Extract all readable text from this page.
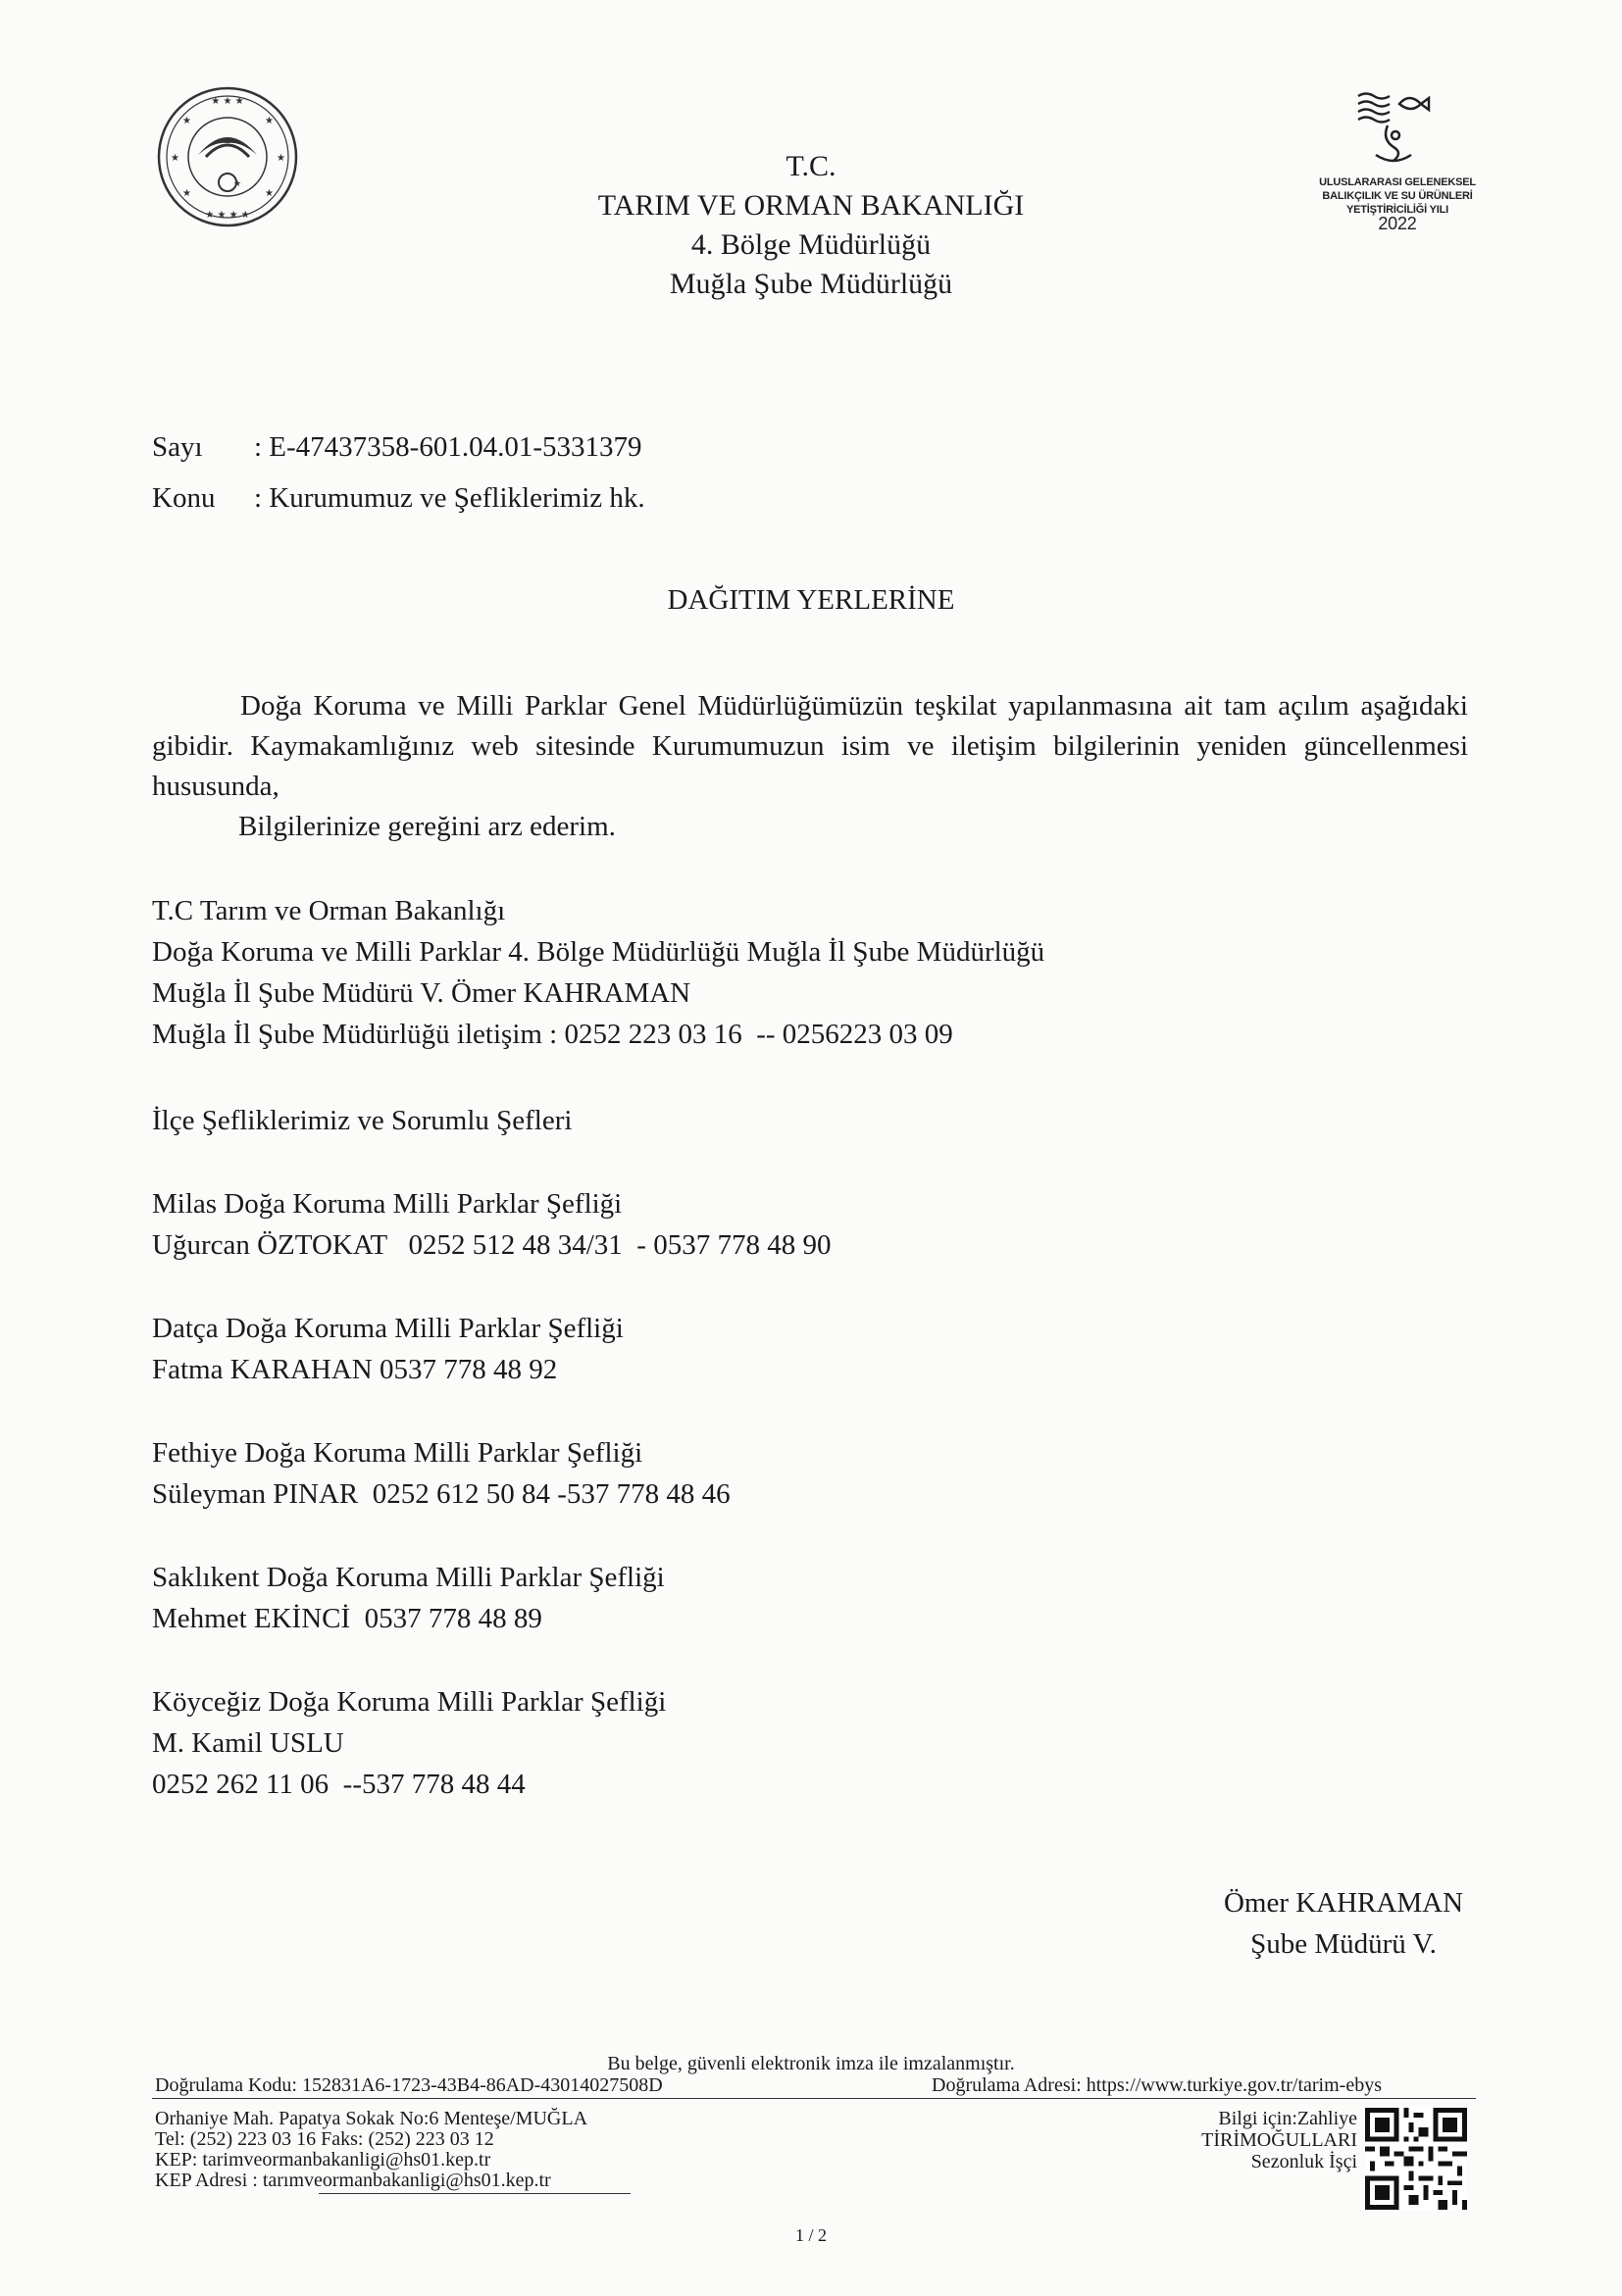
★ ★ ★
★ ★ ★ ★
★	★
★	★
★	★
★	ULUSLARARASI GELENEKSEL
BALIKÇILIK VE SU ÜRÜNLERİ
YETİŞTİRİCİLİĞİ YILI
2022
T.C.
TARIM VE ORMAN BAKANLIĞI
4. Bölge Müdürlüğü
Muğla Şube Müdürlüğü
Sayı : E-47437358-601.04.01-5331379
Konu : Kurumumuz ve Şefliklerimiz hk.
DAĞITIM YERLERİNE

Doğa Koruma ve Milli Parklar Genel Müdürlüğümüzün teşkilat yapılanmasına ait tam açılım aşağıdaki gibidir. Kaymakamlığınız web sitesinde Kurumumuzun isim ve iletişim bilgilerinin yeniden güncellenmesi hususunda,

Bilgilerinize gereğini arz ederim.

T.C Tarım ve Orman Bakanlığı
Doğa Koruma ve Milli Parklar 4. Bölge Müdürlüğü Muğla İl Şube Müdürlüğü
Muğla İl Şube Müdürü V. Ömer KAHRAMAN
Muğla İl Şube Müdürlüğü iletişim : 0252 223 03 16  -- 0256223 03 09
İlçe Şefliklerimiz ve Sorumlu Şefleri
Milas Doğa Koruma Milli Parklar Şefliği
Uğurcan ÖZTOKAT   0252 512 48 34/31  - 0537 778 48 90
Datça Doğa Koruma Milli Parklar Şefliği
Fatma KARAHAN 0537 778 48 92
Fethiye Doğa Koruma Milli Parklar Şefliği
Süleyman PINAR  0252 612 50 84 -537 778 48 46
Saklıkent Doğa Koruma Milli Parklar Şefliği
Mehmet EKİNCİ  0537 778 48 89
Köyceğiz Doğa Koruma Milli Parklar Şefliği
M. Kamil USLU
0252 262 11 06  --537 778 48 44
Ömer KAHRAMAN
Şube Müdürü V.
Bu belge, güvenli elektronik imza ile imzalanmıştır.
Doğrulama Kodu: 152831A6-1723-43B4-86AD-43014027508D	Doğrulama Adresi: https://www.turkiye.gov.tr/tarim-ebys
Orhaniye Mah. Papatya Sokak No:6 Menteşe/MUĞLA
Tel: (252) 223 03 16 Faks: (252) 223 03 12
KEP: tarimveormanbakanligi@hs01.kep.tr
KEP Adresi : tarımveormanbakanligi@hs01.kep.tr
Bilgi için:Zahliye
TİRİMOĞULLARI
Sezonluk İşçi
1 / 2
